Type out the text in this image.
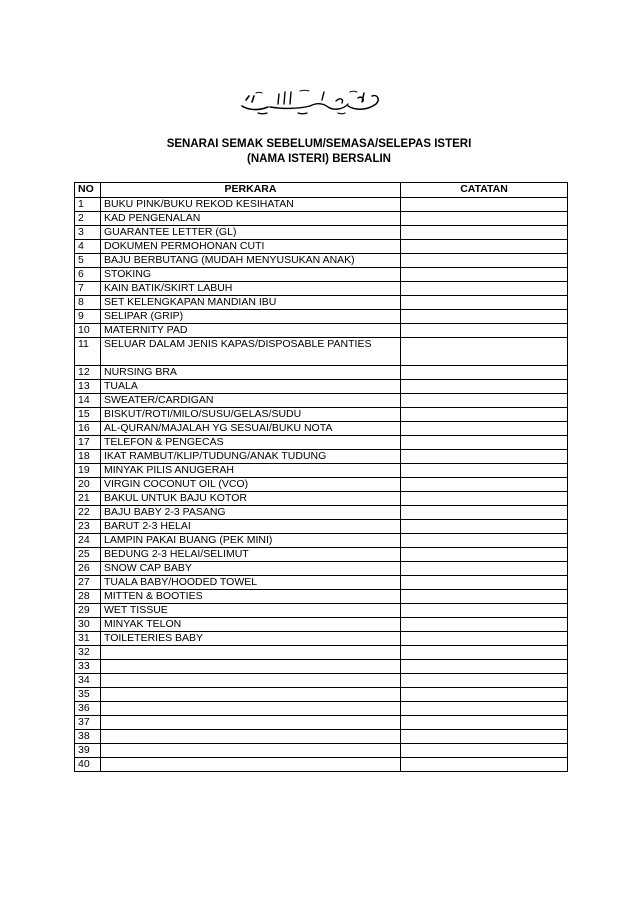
SENARAI SEMAK SEBELUM/SEMASA/SELEPAS ISTERI
(NAMA ISTERI) BERSALIN
NO	PERKARA	CATATAN
1	BUKU PINK/BUKU REKOD KESIHATAN	
2	KAD PENGENALAN	
3	GUARANTEE LETTER (GL)	
4	DOKUMEN PERMOHONAN CUTI	
5	BAJU BERBUTANG (MUDAH MENYUSUKAN ANAK)	
6	STOKING	
7	KAIN BATIK/SKIRT LABUH	
8	SET KELENGKAPAN MANDIAN IBU	
9	SELIPAR (GRIP)	
10	MATERNITY PAD	
11	SELUAR DALAM JENIS KAPAS/DISPOSABLE PANTIES	
12	NURSING BRA	
13	TUALA	
14	SWEATER/CARDIGAN	
15	BISKUT/ROTI/MILO/SUSU/GELAS/SUDU	
16	AL-QURAN/MAJALAH YG SESUAI/BUKU NOTA	
17	TELEFON & PENGECAS	
18	IKAT RAMBUT/KLIP/TUDUNG/ANAK TUDUNG	
19	MINYAK PILIS ANUGERAH	
20	VIRGIN COCONUT OIL (VCO)	
21	BAKUL UNTUK BAJU KOTOR	
22	BAJU BABY 2-3 PASANG	
23	BARUT 2-3 HELAI	
24	LAMPIN PAKAI BUANG (PEK MINI)	
25	BEDUNG 2-3 HELAI/SELIMUT	
26	SNOW CAP BABY	
27	TUALA BABY/HOODED TOWEL	
28	MITTEN & BOOTIES	
29	WET TISSUE	
30	MINYAK TELON	
31	TOILETERIES BABY	
32		
33		
34		
35		
36		
37		
38		
39		
40		
